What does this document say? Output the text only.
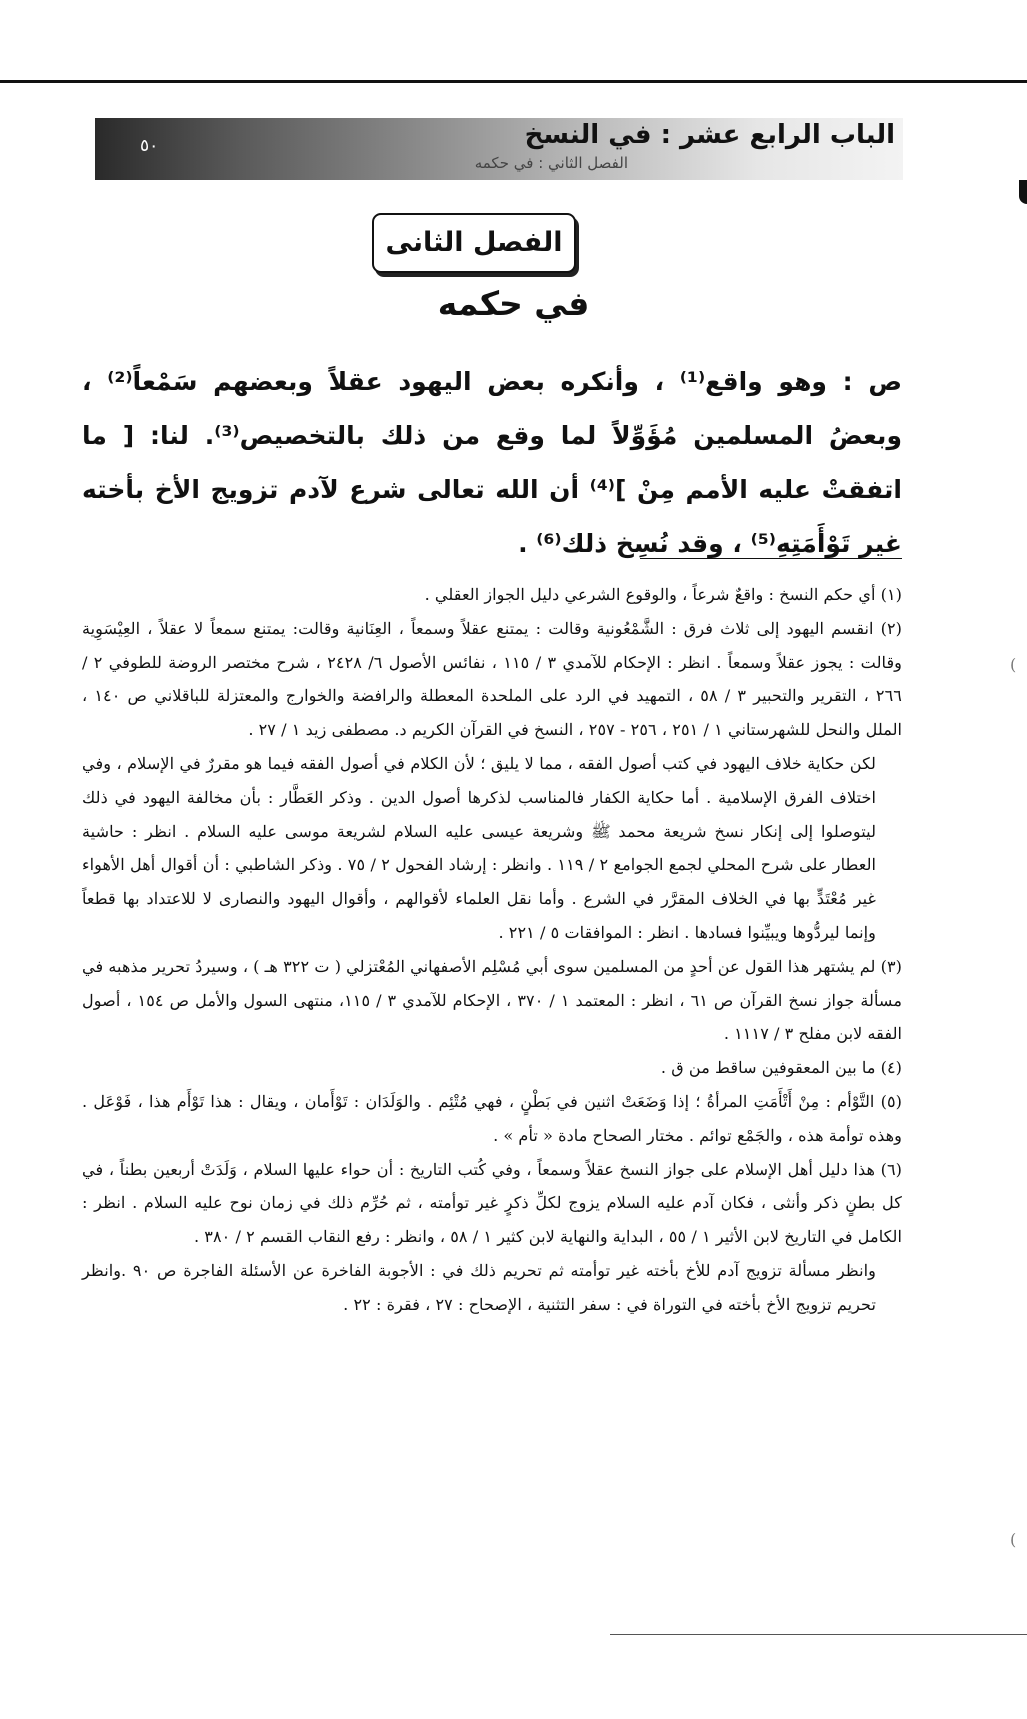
٥٠	الباب الرابع عشر : في النسخ
الفصل الثاني : في حكمه
الفصل الثانى
في حكمه

ص : وهو واقع⁽¹⁾ ، وأنكره بعض اليهود عقلاً وبعضهم سَمْعاً⁽²⁾ ، وبعضُ المسلمين مُؤَوِّلاً لما وقع من ذلك بالتخصيص⁽³⁾. لنا: [ ما اتفقتْ عليه الأمم مِنْ ]⁽⁴⁾ أن الله تعالى شرع لآدم تزويج الأخ بأخته غير تَوْأَمَتِهِ⁽⁵⁾ ، وقد نُسِخ ذلك⁽⁶⁾ .

(١) أي حكم النسخ : واقعٌ شرعاً ، والوقوع الشرعي دليل الجواز العقلي .

(٢) انقسم اليهود إلى ثلاث فرق : الشَّمْعُونية وقالت : يمتنع عقلاً وسمعاً ، العِنَانية وقالت: يمتنع سمعاً لا عقلاً ، العِيْسَوِية وقالت : يجوز عقلاً وسمعاً . انظر : الإحكام للآمدي ٣ / ١١٥ ، نفائس الأصول ٦/ ٢٤٢٨ ، شرح مختصر الروضة للطوفي ٢ / ٢٦٦ ، التقرير والتحبير ٣ / ٥٨ ، التمهيد في الرد على الملحدة المعطلة والرافضة والخوارج والمعتزلة للباقلاني ص ١٤٠ ، الملل والنحل للشهرستاني ١ / ٢٥١ ، ٢٥٦ - ٢٥٧ ، النسخ في القرآن الكريم د. مصطفى زيد ١ / ٢٧ .

لكن حكاية خلاف اليهود في كتب أصول الفقه ، مما لا يليق ؛ لأن الكلام في أصول الفقه فيما هو مقررٌ في الإسلام ، وفي اختلاف الفرق الإسلامية . أما حكاية الكفار فالمناسب لذكرها أصول الدين . وذكر العَطَّار : بأن مخالفة اليهود في ذلك ليتوصلوا إلى إنكار نسخ شريعة محمد ﷺ وشريعة عيسى عليه السلام لشريعة موسى عليه السلام . انظر : حاشية العطار على شرح المحلي لجمع الجوامع ٢ / ١١٩ . وانظر : إرشاد الفحول ٢ / ٧٥ . وذكر الشاطبي : أن أقوال أهل الأهواء غير مُعْتَدٍّ بها في الخلاف المقرَّر في الشرع . وأما نقل العلماء لأقوالهم ، وأقوال اليهود والنصارى لا للاعتداد بها قطعاً وإنما ليردُّوها ويبيِّنوا فسادها . انظر : الموافقات ٥ / ٢٢١ .

(٣) لم يشتهر هذا القول عن أحدٍ من المسلمين سوى أبي مُسْلِم الأصفهاني المُعْتزلي ( ت ٣٢٢ هـ ) ، وسيردُ تحرير مذهبه في مسألة جواز نسخ القرآن ص ٦١ ، انظر : المعتمد ١ / ٣٧٠ ، الإحكام للآمدي ٣ / ١١٥، منتهى السول والأمل ص ١٥٤ ، أصول الفقه لابن مفلح ٣ / ١١١٧ .

(٤) ما بين المعقوفين ساقط من ق .

(٥) التَّوْأم : مِنْ أَتْأَمَتِ المرأةُ ؛ إذا وَضَعَتْ اثنين في بَطْنٍ ، فهي مُتْئِم . والوَلَدَان : تَوْأَمان ، ويقال : هذا تَوْأَم هذا ، فَوْعَل . وهذه توأمة هذه ، والجَمْع توائم . مختار الصحاح مادة « تأم » .

(٦) هذا دليل أهل الإسلام على جواز النسخ عقلاً وسمعاً ، وفي كُتب التاريخ : أن حواء عليها السلام ، وَلَدَتْ أربعين بطناً ، في كل بطنٍ ذكر وأنثى ، فكان آدم عليه السلام يزوج لكلِّ ذكرٍ غير توأمته ، ثم حُرِّم ذلك في زمان نوح عليه السلام . انظر : الكامل في التاريخ لابن الأثير ١ / ٥٥ ، البداية والنهاية لابن كثير ١ / ٥٨ ، وانظر : رفع النقاب القسم ٢ / ٣٨٠ .

وانظر مسألة تزويج آدم للأخ بأخته غير توأمته ثم تحريم ذلك في : الأجوبة الفاخرة عن الأسئلة الفاجرة ص ٩٠ .وانظر تحريم تزويج الأخ بأخته في التوراة في : سفر التثنية ، الإصحاح : ٢٧ ، فقرة : ٢٢ .

(
(
